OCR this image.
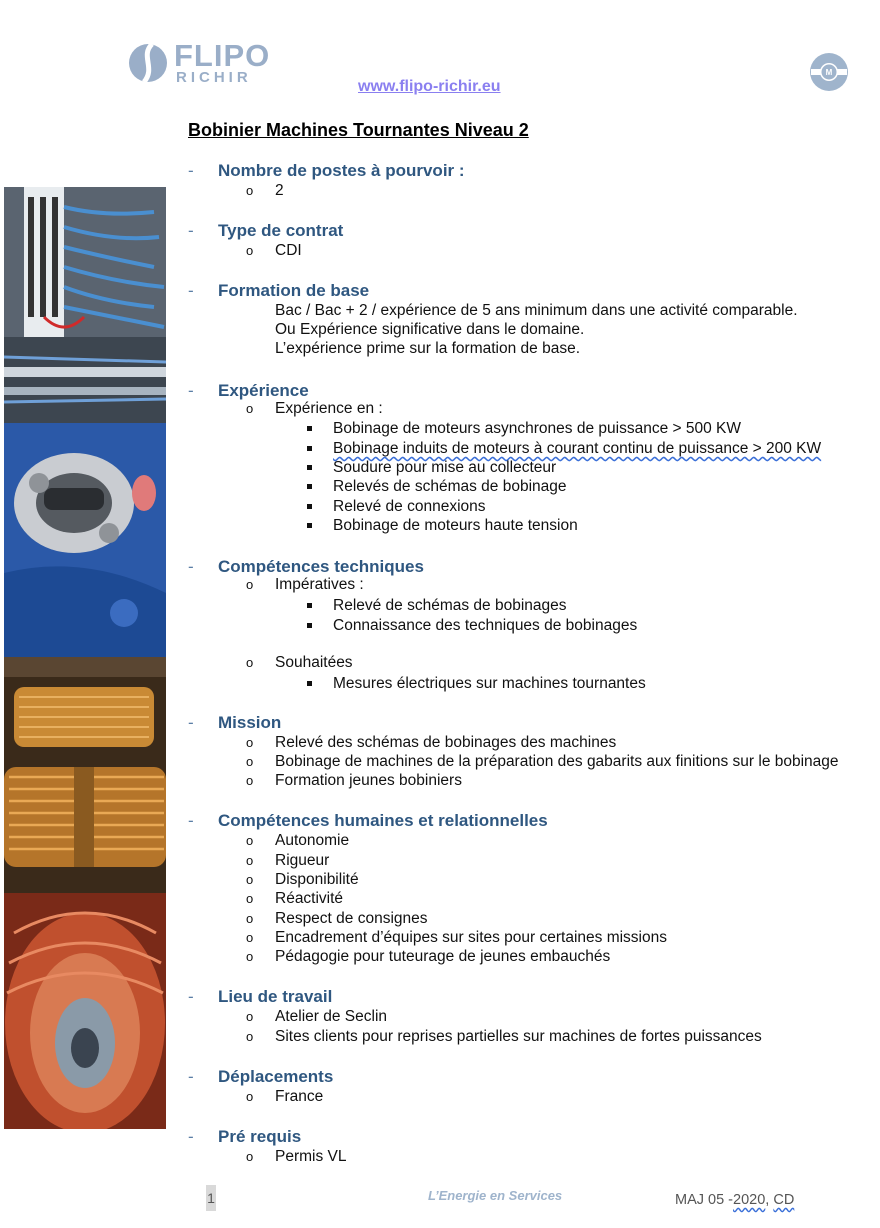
FLIPO
RICHIR
www.flipo-richir.eu
M
Bobinier Machines Tournantes Niveau 2
- Nombre de postes à pourvoir :
o 2
- Type de contrat
o CDI
- Formation de base
Bac / Bac + 2 / expérience de 5 ans minimum dans une activité comparable.
Ou Expérience significative dans le domaine.
L’expérience prime sur la formation de base.
- Expérience
o Expérience en :
Bobinage de moteurs asynchrones de puissance > 500 KW
Bobinage induits de moteurs à courant continu de puissance > 200 KW
Soudure pour mise au collecteur
Relevés de schémas de bobinage
Relevé de connexions
Bobinage de moteurs haute tension
- Compétences techniques
o Impératives :
Relevé de schémas de bobinages
Connaissance des techniques de bobinages
o Souhaitées
Mesures électriques sur machines tournantes
- Mission
o Relevé des schémas de bobinages des machines
o Bobinage de machines de la préparation des gabarits aux finitions sur le bobinage
o Formation jeunes bobiniers
- Compétences humaines et relationnelles
o Autonomie
o Rigueur
o Disponibilité
o Réactivité
o Respect de consignes
o Encadrement d’équipes sur sites pour certaines missions
o Pédagogie pour tuteurage de jeunes embauchés
- Lieu de travail
o Atelier de Seclin
o Sites clients pour reprises partielles sur machines de fortes puissances
- Déplacements
o France
- Pré requis
o Permis VL
1	L’Energie en Services	MAJ 05 -2020, CD
